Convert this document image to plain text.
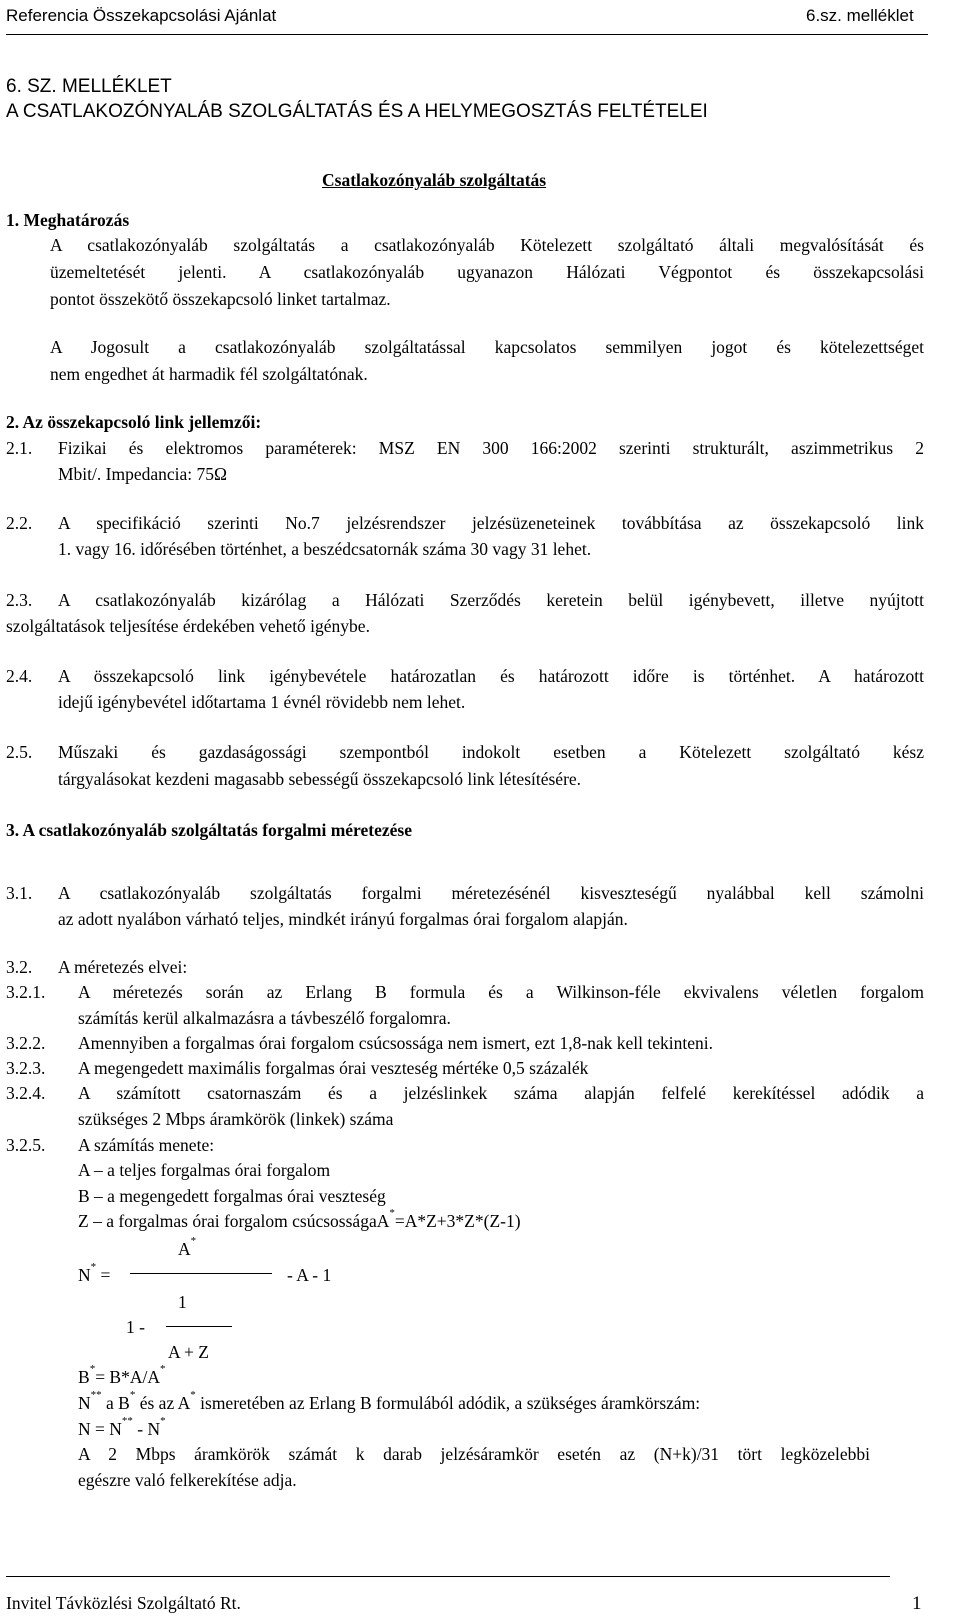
Referencia Összekapcsolási Ajánlat	6.sz. melléklet
6. SZ. MELLÉKLET
A CSATLAKOZÓNYALÁB SZOLGÁLTATÁS ÉS A HELYMEGOSZTÁS FELTÉTELEI
Csatlakozónyaláb szolgáltatás
1. Meghatározás
A csatlakozónyaláb szolgáltatás a csatlakozónyaláb Kötelezett szolgáltató általi megvalósítását és
üzemeltetését jelenti. A csatlakozónyaláb ugyanazon Hálózati Végpontot és összekapcsolási
pontot összekötő összekapcsoló linket tartalmaz.
A Jogosult a csatlakozónyaláb szolgáltatással kapcsolatos semmilyen jogot és kötelezettséget
nem engedhet át harmadik fél szolgáltatónak.
2. Az összekapcsoló link jellemzői:
2.1. Fizikai és elektromos paraméterek: MSZ EN 300 166:2002 szerinti strukturált, aszimmetrikus 2
Mbit/. Impedancia: 75Ω
2.2. A specifikáció szerinti No.7 jelzésrendszer jelzésüzeneteinek továbbítása az összekapcsoló link
1. vagy 16. időrésében történhet, a beszédcsatornák száma 30 vagy 31 lehet.
2.3. A csatlakozónyaláb kizárólag a Hálózati Szerződés keretein belül igénybevett, illetve nyújtott
szolgáltatások teljesítése érdekében vehető igénybe.
2.4. A összekapcsoló link igénybevétele határozatlan és határozott időre is történhet. A határozott
idejű igénybevétel időtartama 1 évnél rövidebb nem lehet.
2.5. Műszaki és gazdaságossági szempontból indokolt esetben a Kötelezett szolgáltató kész
tárgyalásokat kezdeni magasabb sebességű összekapcsoló link létesítésére.
3. A csatlakozónyaláb szolgáltatás forgalmi méretezése
3.1. A csatlakozónyaláb szolgáltatás forgalmi méretezésénél kisveszteségű nyalábbal kell számolni
az adott nyalábon várható teljes, mindkét irányú forgalmas órai forgalom alapján.
3.2. A méretezés elvei:
3.2.1. A méretezés során az Erlang B formula és a Wilkinson-féle ekvivalens véletlen forgalom
számítás kerül alkalmazásra a távbeszélő forgalomra.
3.2.2. Amennyiben a forgalmas órai forgalom csúcsossága nem ismert, ezt 1,8-nak kell tekinteni.
3.2.3. A megengedett maximális forgalmas órai veszteség mértéke 0,5 százalék
3.2.4. A számított csatornaszám és a jelzéslinkek száma alapján felfelé kerekítéssel adódik a
szükséges 2 Mbps áramkörök (linkek) száma
3.2.5. A számítás menete:
A – a teljes forgalmas órai forgalom
B – a megengedett forgalmas órai veszteség
Z – a forgalmas órai forgalom csúcsosságaA*=A*Z+3*Z*(Z-1)
A*
N* =	- A - 1
1
1 -
A + Z
B*= B*A/A*
N** a B* és az A* ismeretében az Erlang B formulából adódik, a szükséges áramkörszám:
N = N** - N*
A 2 Mbps áramkörök számát k darab jelzésáramkör esetén az (N+k)/31 tört legközelebbi
egészre való felkerekítése adja.
Invitel Távközlési Szolgáltató Rt.	1
